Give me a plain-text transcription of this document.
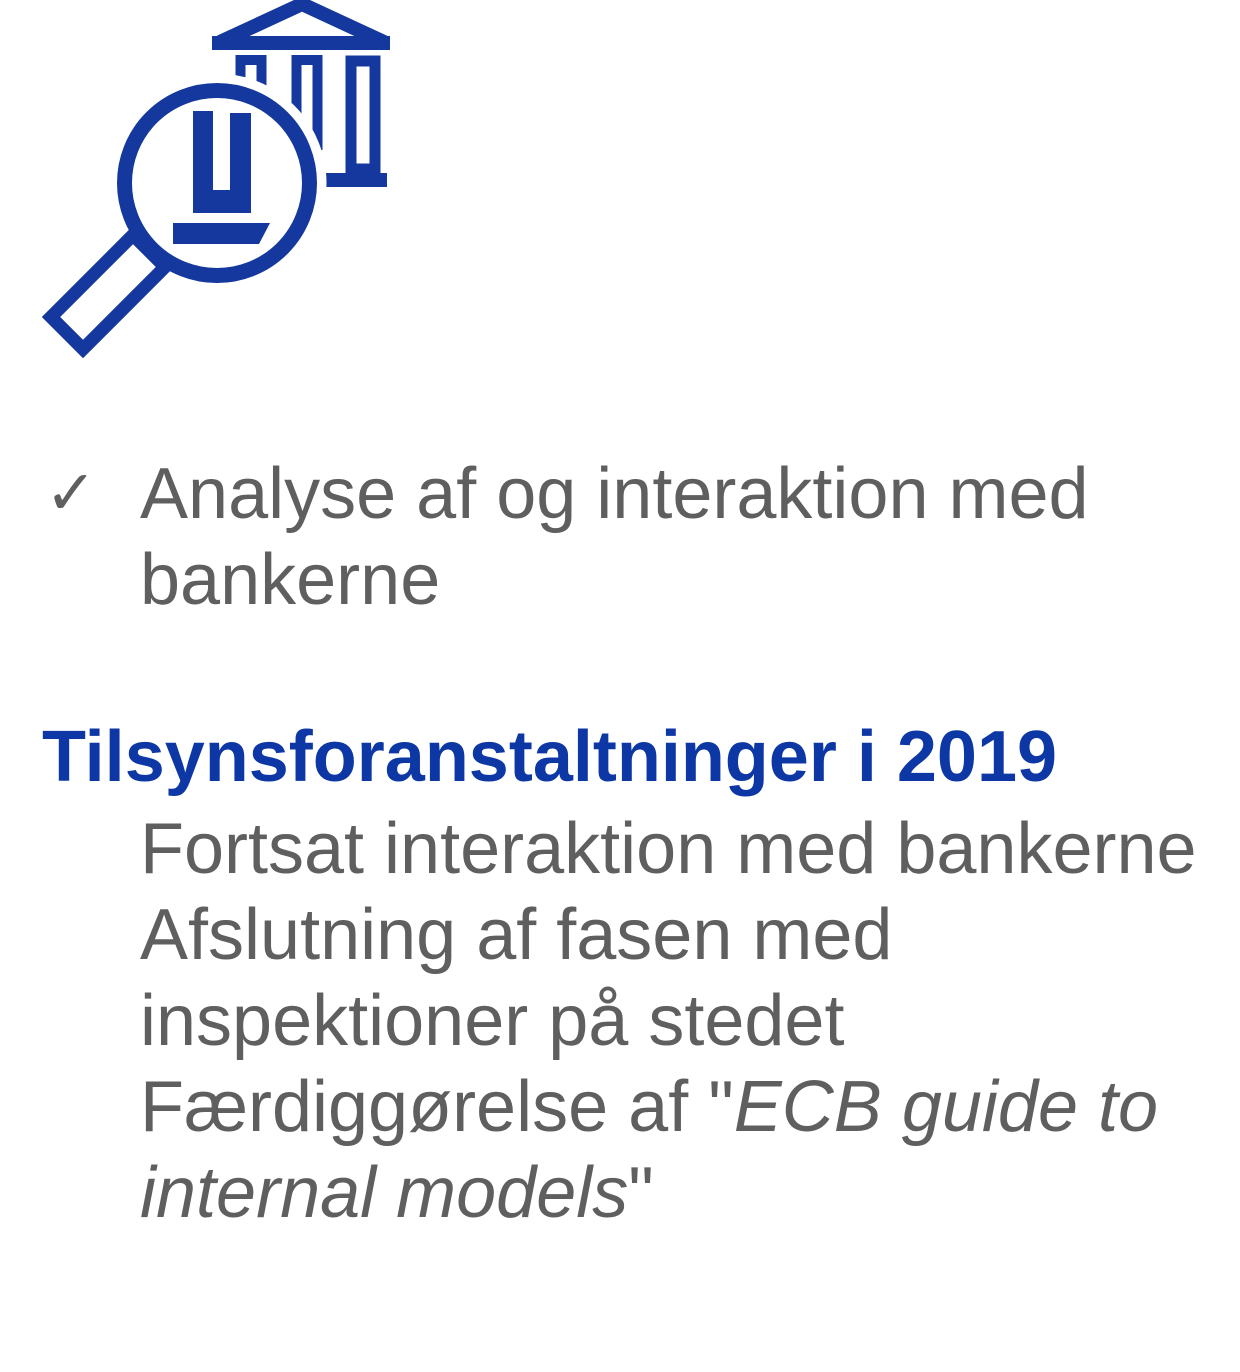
✓ Analyse af og interaktion med bankerne
Tilsynsforanstaltninger i 2019
Fortsat interaktion med bankerne
Afslutning af fasen med inspektioner på stedet
Færdiggørelse af "ECB guide to internal models"
